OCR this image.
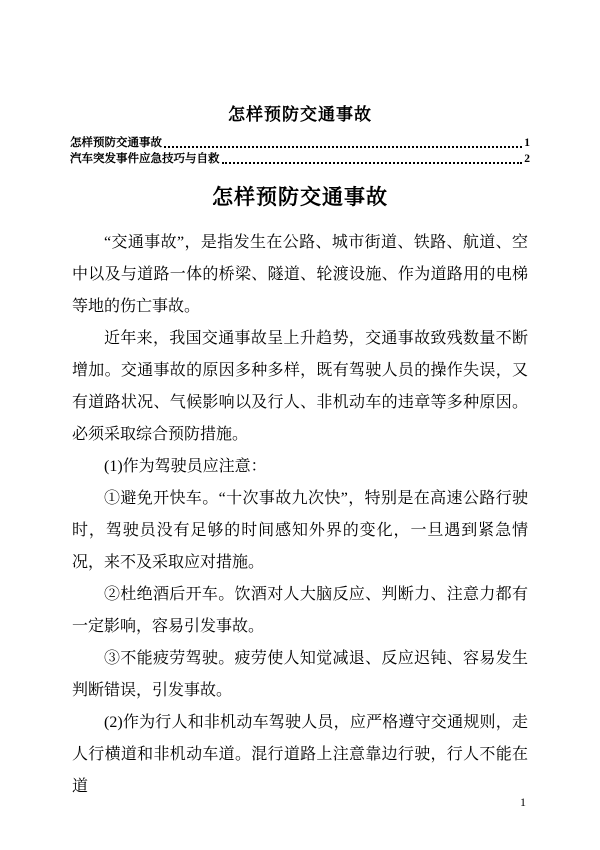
怎样预防交通事故
怎样预防交通事故	1
汽车突发事件应急技巧与自救	2
怎样预防交通事故

“交通事故”，是指发生在公路、城市街道、铁路、航道、空中以及与道路一体的桥梁、隧道、轮渡设施、作为道路用的电梯等地的伤亡事故。

近年来，我国交通事故呈上升趋势，交通事故致残数量不断增加。交通事故的原因多种多样，既有驾驶人员的操作失误，又有道路状况、气候影响以及行人、非机动车的违章等多种原因。必须采取综合预防措施。

(1)作为驾驶员应注意：

①避免开快车。“十次事故九次快”，特别是在高速公路行驶时，驾驶员没有足够的时间感知外界的变化，一旦遇到紧急情况，来不及采取应对措施。

②杜绝酒后开车。饮酒对人大脑反应、判断力、注意力都有一定影响，容易引发事故。

③不能疲劳驾驶。疲劳使人知觉减退、反应迟钝、容易发生判断错误，引发事故。

(2)作为行人和非机动车驾驶人员，应严格遵守交通规则，走人行横道和非机动车道。混行道路上注意靠边行驶，行人不能在道

1
